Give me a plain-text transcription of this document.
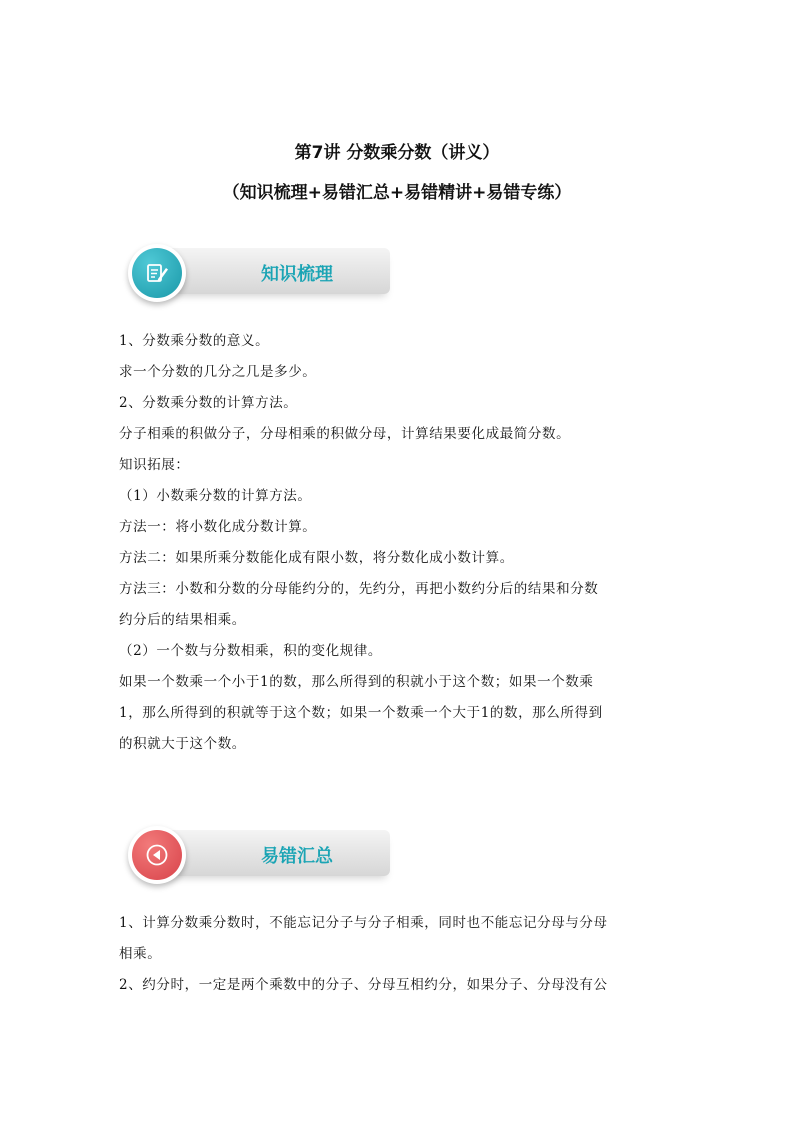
第7讲 分数乘分数（讲义）
（知识梳理+易错汇总+易错精讲+易错专练）
知识梳理
1、分数乘分数的意义。
求一个分数的几分之几是多少。
2、分数乘分数的计算方法。
分子相乘的积做分子，分母相乘的积做分母，计算结果要化成最简分数。
知识拓展：
（1）小数乘分数的计算方法。
方法一：将小数化成分数计算。
方法二：如果所乘分数能化成有限小数，将分数化成小数计算。
方法三：小数和分数的分母能约分的，先约分，再把小数约分后的结果和分数
约分后的结果相乘。
（2）一个数与分数相乘，积的变化规律。
如果一个数乘一个小于1的数，那么所得到的积就小于这个数；如果一个数乘
1，那么所得到的积就等于这个数；如果一个数乘一个大于1的数，那么所得到
的积就大于这个数。
易错汇总
1、计算分数乘分数时，不能忘记分子与分子相乘，同时也不能忘记分母与分母
相乘。
2、约分时，一定是两个乘数中的分子、分母互相约分，如果分子、分母没有公
